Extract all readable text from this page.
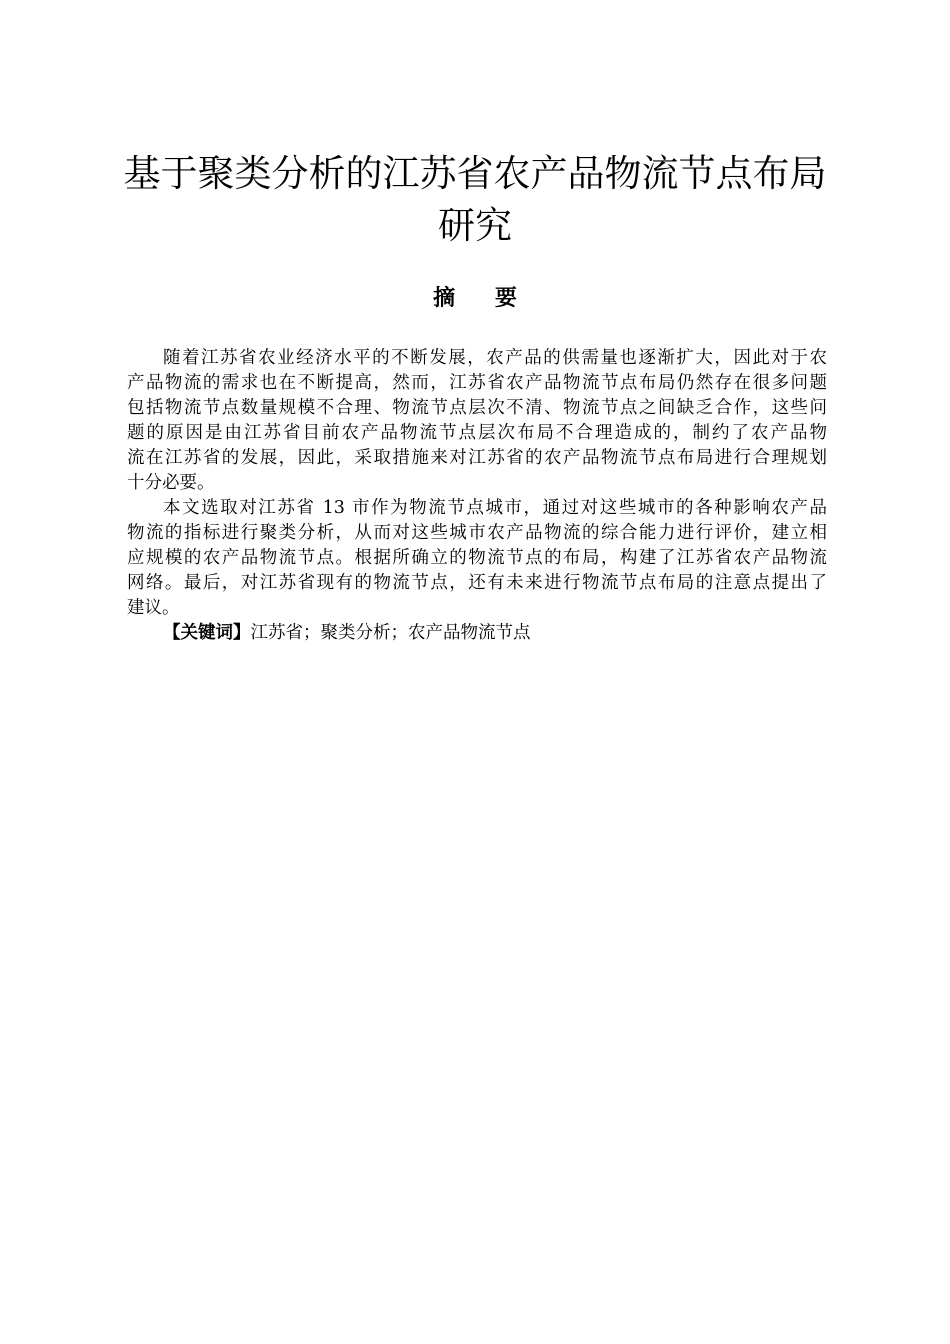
基于聚类分析的江苏省农产品物流节点布局
研究
摘 要
随着江苏省农业经济水平的不断发展，农产品的供需量也逐渐扩大，因此对于农
产品物流的需求也在不断提高，然而，江苏省农产品物流节点布局仍然存在很多问题
包括物流节点数量规模不合理、物流节点层次不清、物流节点之间缺乏合作，这些问
题的原因是由江苏省目前农产品物流节点层次布局不合理造成的，制约了农产品物
流在江苏省的发展，因此，采取措施来对江苏省的农产品物流节点布局进行合理规划
十分必要。
本文选取对江苏省 13 市作为物流节点城市，通过对这些城市的各种影响农产品
物流的指标进行聚类分析，从而对这些城市农产品物流的综合能力进行评价，建立相
应规模的农产品物流节点。根据所确立的物流节点的布局，构建了江苏省农产品物流
网络。最后，对江苏省现有的物流节点，还有未来进行物流节点布局的注意点提出了
建议。
【关键词】江苏省；聚类分析；农产品物流节点
